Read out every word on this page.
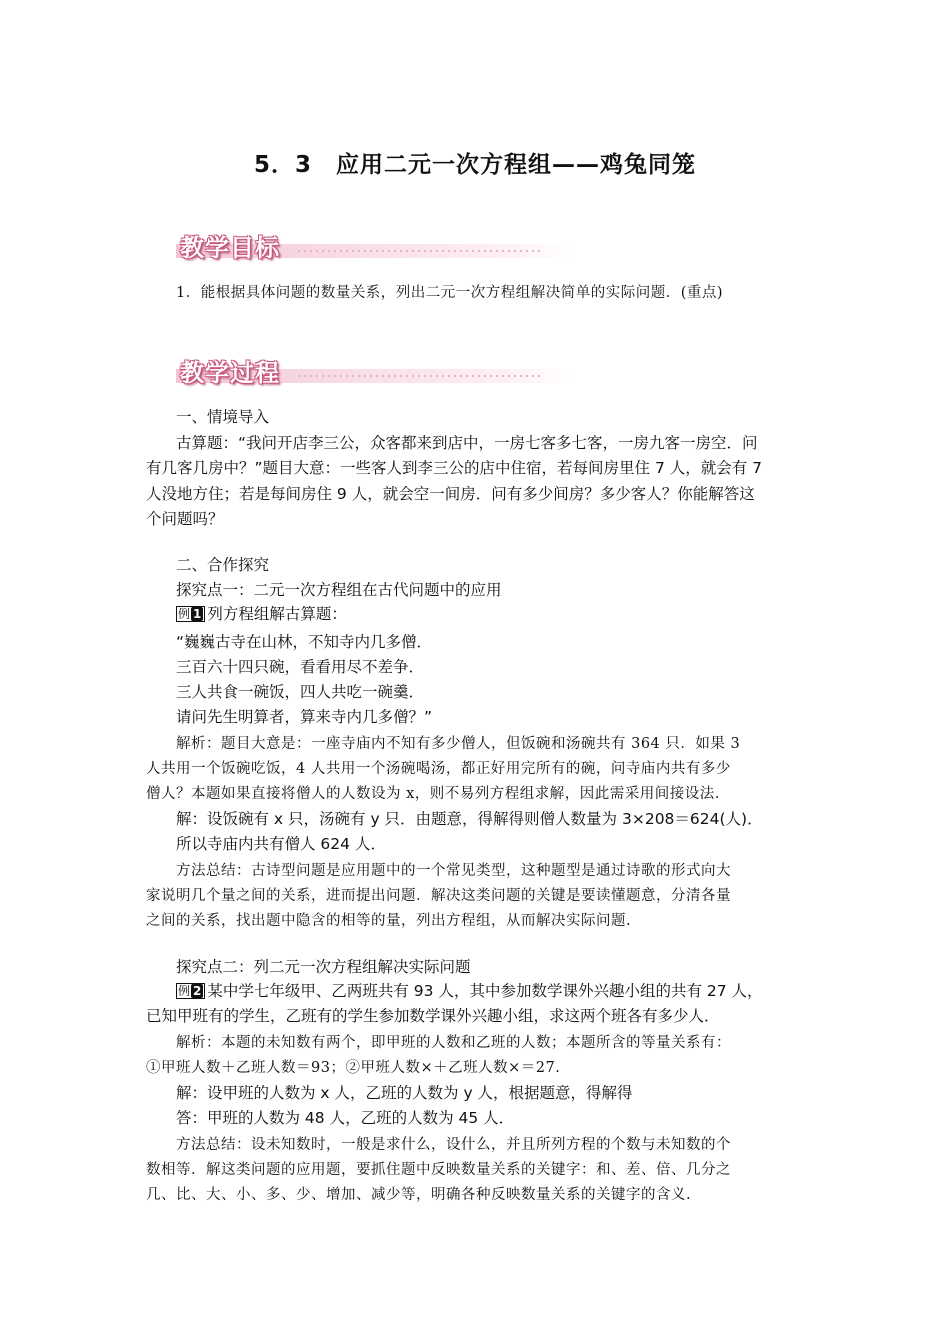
5．3　应用二元一次方程组——鸡兔同笼
教学目标
1．能根据具体问题的数量关系，列出二元一次方程组解决简单的实际问题．(重点)
教学过程
一、情境导入
古算题：“我问开店李三公，众客都来到店中，一房七客多七客，一房九客一房空．问
有几客几房中？”题目大意：一些客人到李三公的店中住宿，若每间房里住 7 人，就会有 7
人没地方住；若是每间房住 9 人，就会空一间房．问有多少间房？多少客人？你能解答这
个问题吗？
二、合作探究
探究点一：二元一次方程组在古代问题中的应用
例 1 列方程组解古算题：
“巍巍古寺在山林，不知寺内几多僧．
三百六十四只碗，看看用尽不差争．
三人共食一碗饭，四人共吃一碗羹．
请问先生明算者，算来寺内几多僧？”
解析：题目大意是：一座寺庙内不知有多少僧人，但饭碗和汤碗共有 364 只．如果 3
人共用一个饭碗吃饭，4 人共用一个汤碗喝汤，都正好用完所有的碗，问寺庙内共有多少
僧人？本题如果直接将僧人的人数设为 x，则不易列方程组求解，因此需采用间接设法.
解：设饭碗有 x 只，汤碗有 y 只．由题意，得解得则僧人数量为 3×208＝624(人)．
所以寺庙内共有僧人 624 人．
方法总结：古诗型问题是应用题中的一个常见类型，这种题型是通过诗歌的形式向大
家说明几个量之间的关系，进而提出问题．解决这类问题的关键是要读懂题意，分清各量
之间的关系，找出题中隐含的相等的量，列出方程组，从而解决实际问题.
探究点二：列二元一次方程组解决实际问题
例 2 某中学七年级甲、乙两班共有 93 人，其中参加数学课外兴趣小组的共有 27 人，
已知甲班有的学生，乙班有的学生参加数学课外兴趣小组，求这两个班各有多少人．
解析：本题的未知数有两个，即甲班的人数和乙班的人数；本题所含的等量关系有：
①甲班人数＋乙班人数＝93；②甲班人数×＋乙班人数×＝27.
解：设甲班的人数为 x 人，乙班的人数为 y 人，根据题意，得解得
答：甲班的人数为 48 人，乙班的人数为 45 人．
方法总结：设未知数时，一般是求什么，设什么，并且所列方程的个数与未知数的个
数相等．解这类问题的应用题，要抓住题中反映数量关系的关键字：和、差、倍、几分之
几、比、大、小、多、少、增加、减少等，明确各种反映数量关系的关键字的含义.
